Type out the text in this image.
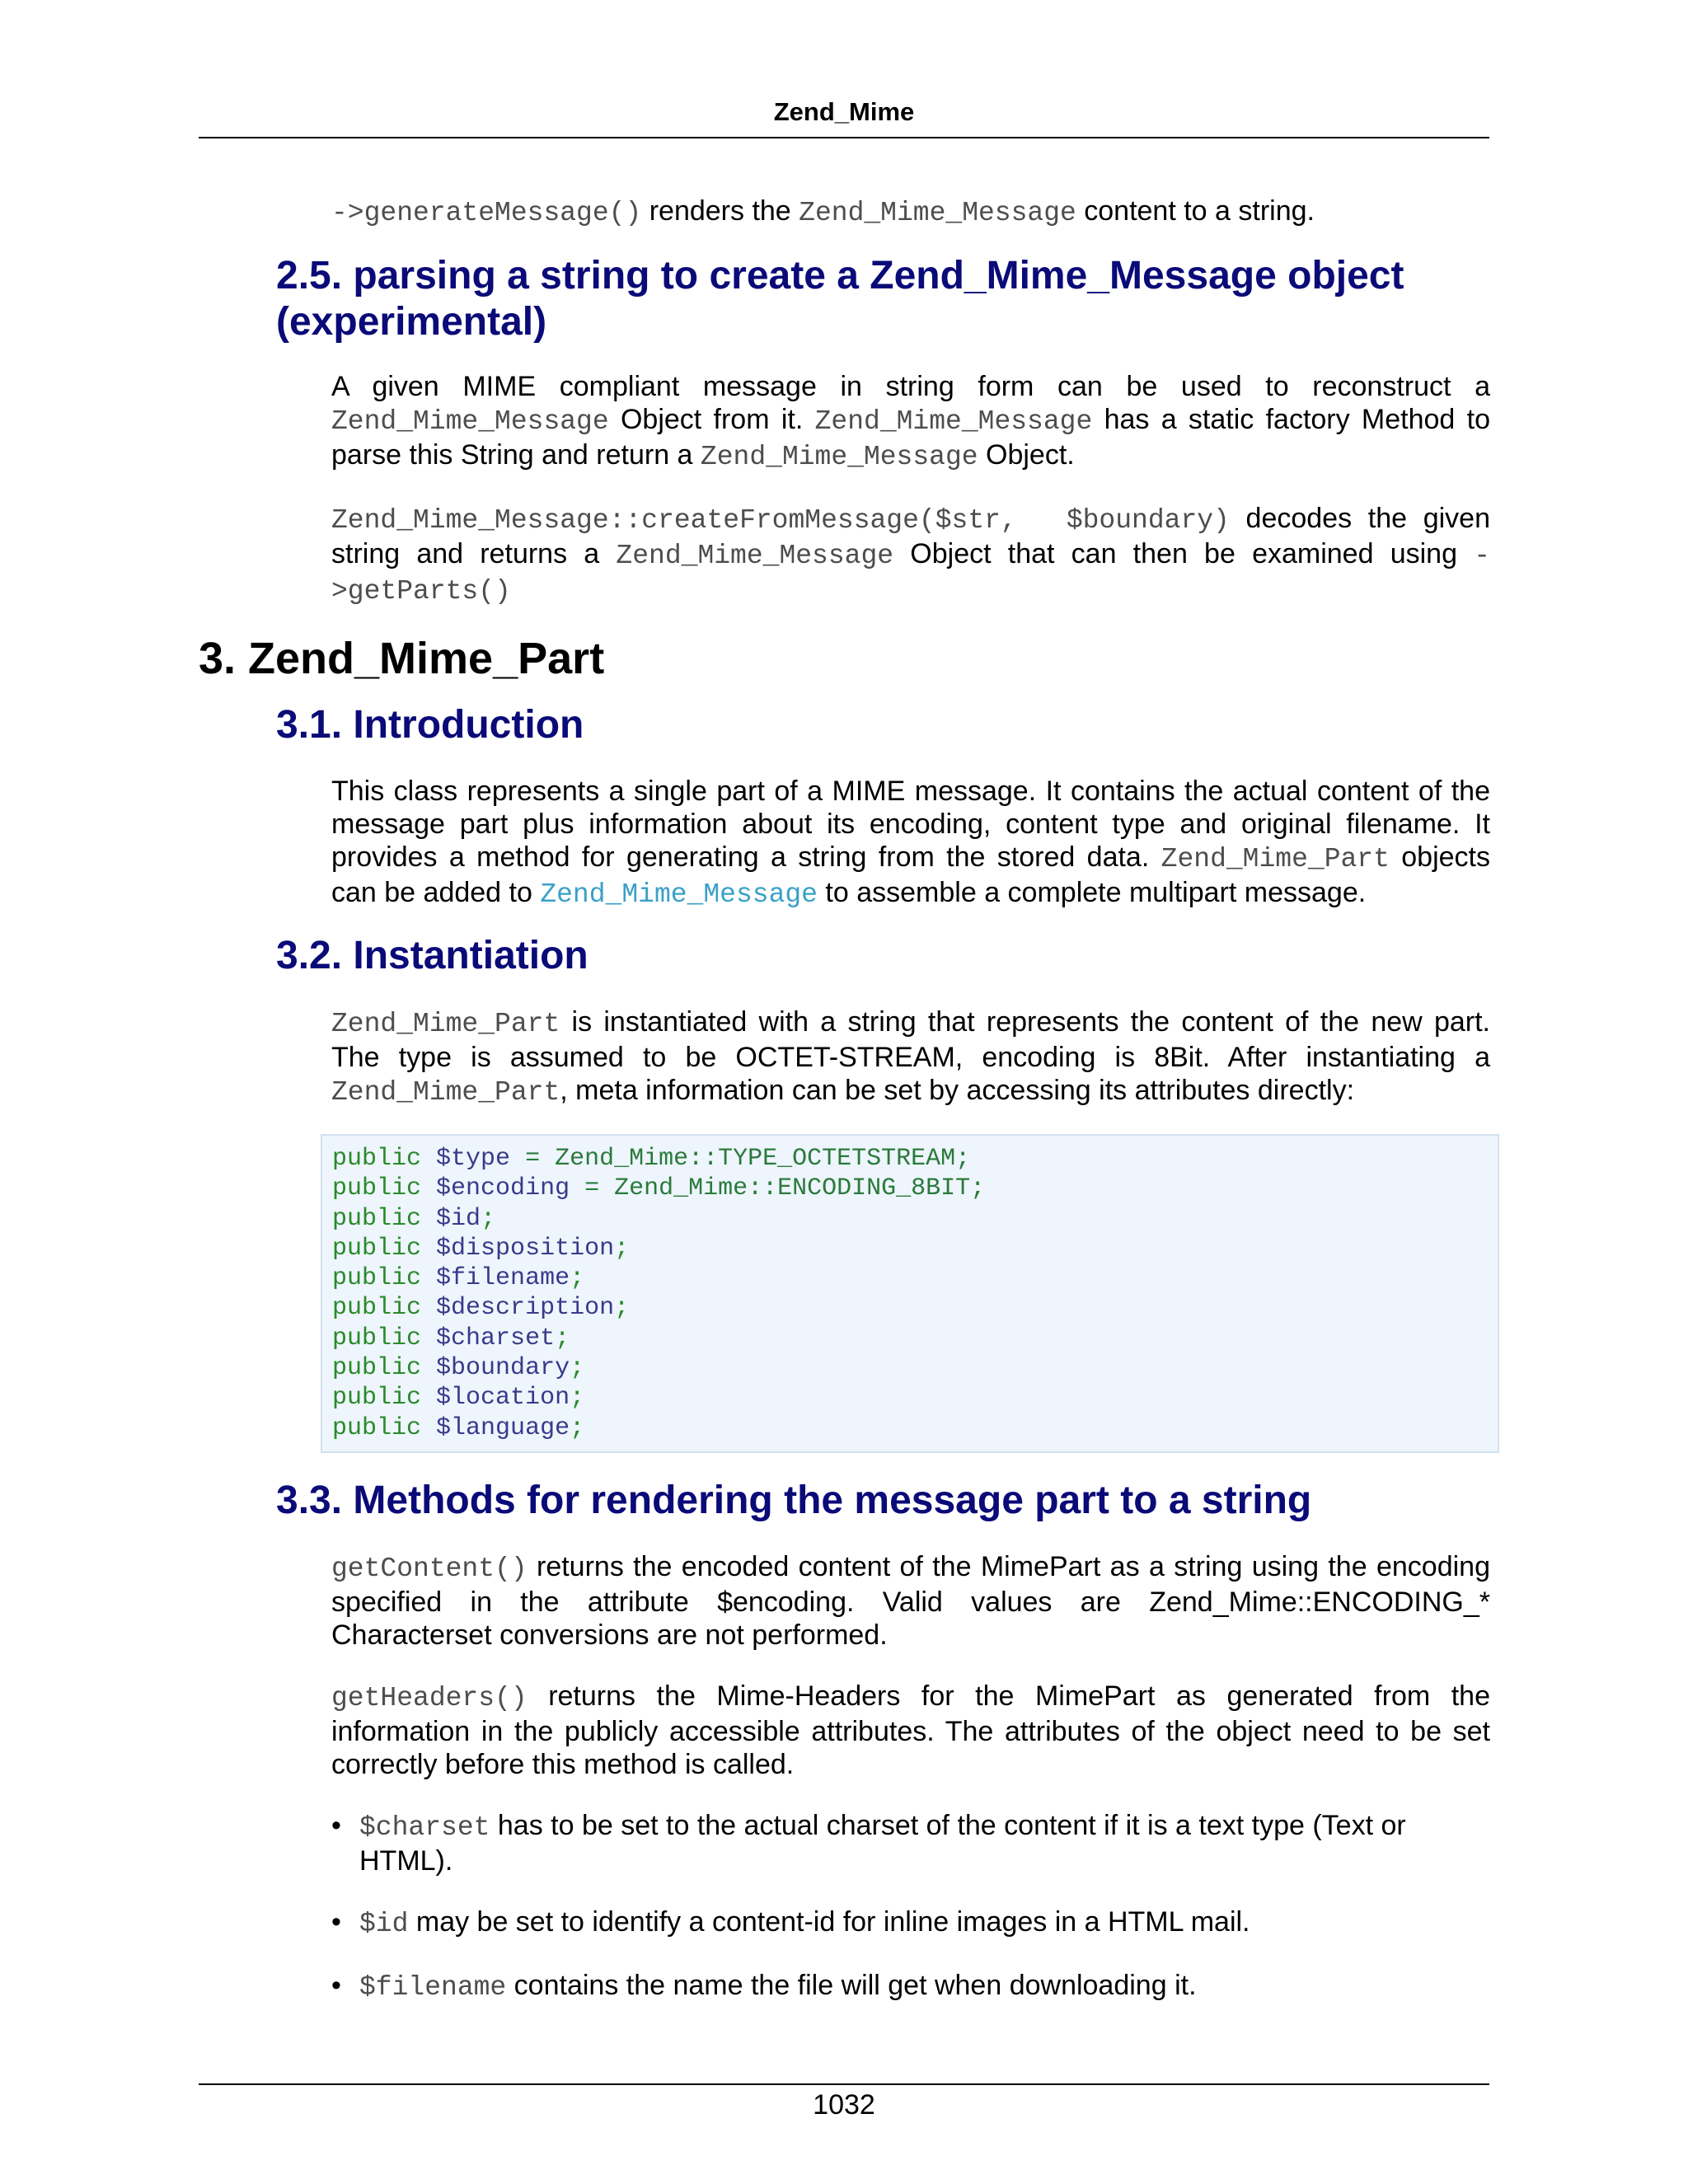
Zend_Mime

->generateMessage() renders the Zend_Mime_Message content to a string.

2.5. parsing a string to create a Zend_Mime_Message object (experimental)

A given MIME compliant message in string form can be used to reconstruct a Zend_Mime_Message Object from it. Zend_Mime_Message has a static factory Method to parse this String and return a Zend_Mime_Message Object.

Zend_Mime_Message::createFromMessage($str,  $boundary) decodes the given string and returns a Zend_Mime_Message Object that can then be examined using ->getParts()

3. Zend_Mime_Part
3.1. Introduction

This class represents a single part of a MIME message. It contains the actual content of the message part plus information about its encoding, content type and original filename. It provides a method for generating a string from the stored data. Zend_Mime_Part objects can be added to Zend_Mime_Message to assemble a complete multipart message.

3.2. Instantiation

Zend_Mime_Part is instantiated with a string that represents the content of the new part. The type is assumed to be OCTET-STREAM, encoding is 8Bit. After instantiating a Zend_Mime_Part, meta information can be set by accessing its attributes directly:

public $type = Zend_Mime::TYPE_OCTETSTREAM;
public $encoding = Zend_Mime::ENCODING_8BIT;
public $id;
public $disposition;
public $filename;
public $description;
public $charset;
public $boundary;
public $location;
public $language;
3.3. Methods for rendering the message part to a string

getContent() returns the encoded content of the MimePart as a string using the encoding specified in the attribute $encoding. Valid values are Zend_Mime::ENCODING_* Characterset conversions are not performed.

getHeaders() returns the Mime-Headers for the MimePart as generated from the information in the publicly accessible attributes. The attributes of the object need to be set correctly before this method is called.

• $charset has to be set to the actual charset of the content if it is a text type (Text or HTML).
• $id may be set to identify a content-id for inline images in a HTML mail.
• $filename contains the name the file will get when downloading it.
1032
